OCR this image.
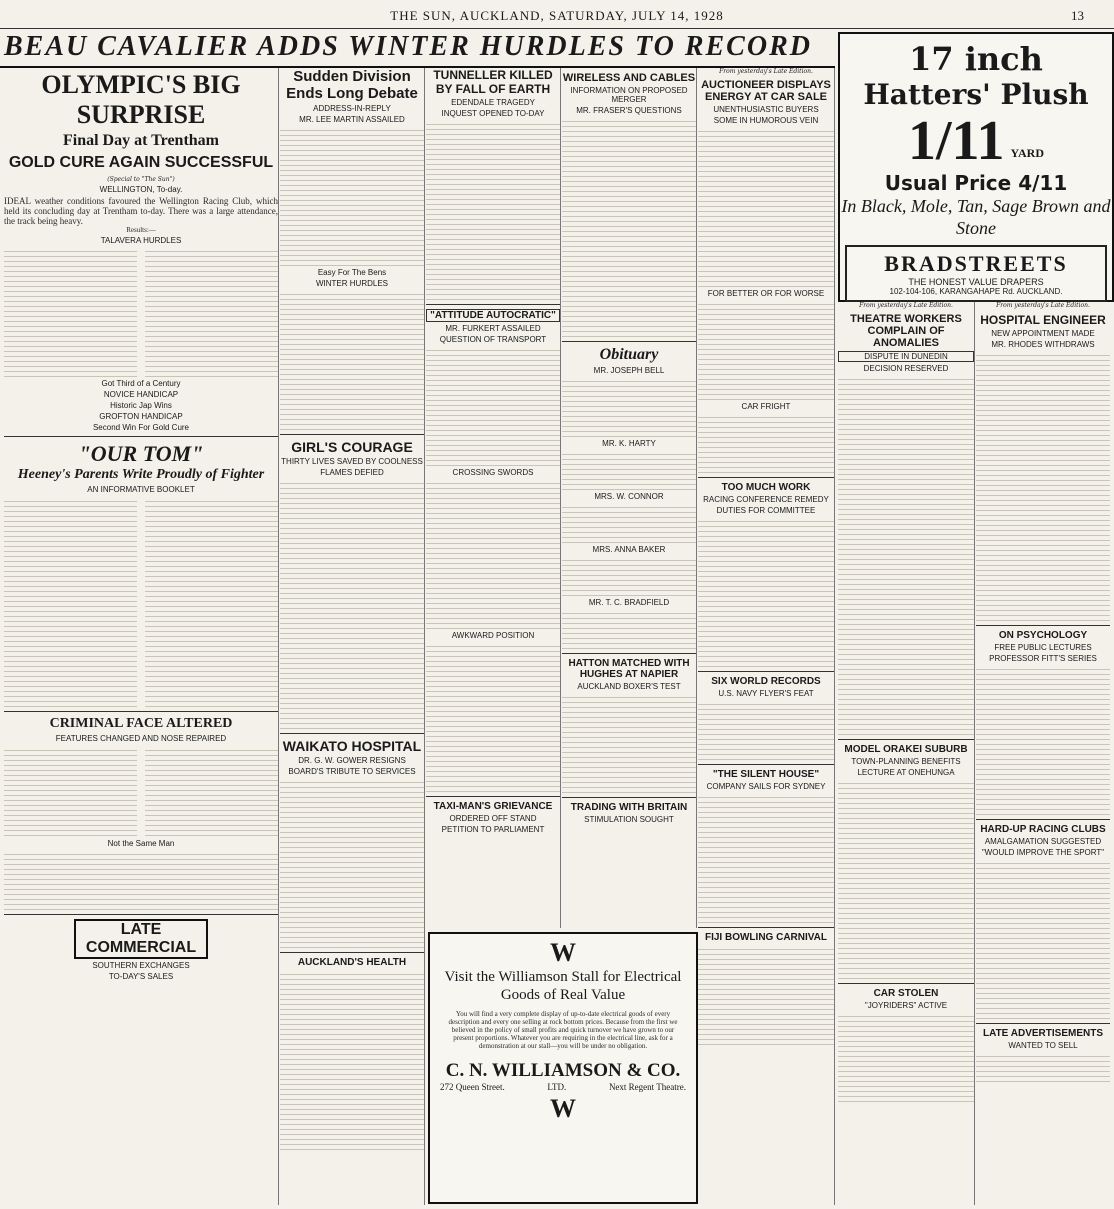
THE SUN, AUCKLAND, SATURDAY, JULY 14, 1928	13
BEAU CAVALIER ADDS WINTER HURDLES TO RECORD
OLYMPIC'S BIG SURPRISE
Final Day at Trentham
GOLD CURE AGAIN SUCCESSFUL
(Special to "The Sun")
WELLINGTON, To-day.
IDEAL weather conditions favoured the Wellington Racing Club, which held its concluding day at Trentham to-day. There was a large attendance, the track being heavy.
Results:—
TALAVERA HURDLES
Got Third of a Century
NOVICE HANDICAP
Historic Jap Wins
GROFTON HANDICAP
Second Win For Gold Cure
"OUR TOM"
Heeney's Parents Write Proudly of Fighter
AN INFORMATIVE BOOKLET
CRIMINAL FACE ALTERED
FEATURES CHANGED AND NOSE REPAIRED
Not the Same Man
LATE COMMERCIAL
SOUTHERN EXCHANGES
TO-DAY'S SALES
Sudden Division Ends Long Debate
ADDRESS-IN-REPLY
MR. LEE MARTIN ASSAILED
Easy For The Bens
WINTER HURDLES
GIRL'S COURAGE
THIRTY LIVES SAVED BY COOLNESS
FLAMES DEFIED
WAIKATO HOSPITAL
DR. G. W. GOWER RESIGNS
BOARD'S TRIBUTE TO SERVICES
AUCKLAND'S HEALTH
TUNNELLER KILLED BY FALL OF EARTH
EDENDALE TRAGEDY
INQUEST OPENED TO-DAY
"ATTITUDE AUTOCRATIC"
MR. FURKERT ASSAILED
QUESTION OF TRANSPORT
CROSSING SWORDS
AWKWARD POSITION
TAXI-MAN'S GRIEVANCE
ORDERED OFF STAND
PETITION TO PARLIAMENT
WIRELESS AND CABLES
INFORMATION ON PROPOSED MERGER
MR. FRASER'S QUESTIONS
Obituary
MR. JOSEPH BELL
MR. K. HARTY
MRS. W. CONNOR
MRS. ANNA BAKER
MR. T. C. BRADFIELD
HATTON MATCHED WITH HUGHES AT NAPIER
AUCKLAND BOXER'S TEST
TRADING WITH BRITAIN
STIMULATION SOUGHT
From yesterday's Late Edition.
AUCTIONEER DISPLAYS ENERGY AT CAR SALE
UNENTHUSIASTIC BUYERS
SOME IN HUMOROUS VEIN
FOR BETTER OR FOR WORSE
CAR FRIGHT
TOO MUCH WORK
RACING CONFERENCE REMEDY
DUTIES FOR COMMITTEE
SIX WORLD RECORDS
U.S. NAVY FLYER'S FEAT
"THE SILENT HOUSE"
COMPANY SAILS FOR SYDNEY
FIJI BOWLING CARNIVAL
W
Visit the Williamson Stall for Electrical Goods of Real Value
You will find a very complete display of up-to-date electrical goods of every description and every one selling at rock bottom prices. Because from the first we believed in the policy of small profits and quick turnover we have grown to our present proportions. Whatever you are requiring in the electrical line, ask for a demonstration at our stall—you will be under no obligation.
C. N. WILLIAMSON & CO.
272 Queen Street.	LTD.	Next Regent Theatre.
W
17 inch
Hatters' Plush
1/11 YARD
Usual Price 4/11
In Black, Mole, Tan, Sage Brown and Stone
BRADSTREETS
THE HONEST VALUE DRAPERS
102-104-106, KARANGAHAPE Rd. AUCKLAND.
From yesterday's Late Edition.
THEATRE WORKERS COMPLAIN OF ANOMALIES
DISPUTE IN DUNEDIN
DECISION RESERVED
MODEL ORAKEI SUBURB
TOWN-PLANNING BENEFITS
LECTURE AT ONEHUNGA
CAR STOLEN
"JOYRIDERS" ACTIVE
From yesterday's Late Edition.
HOSPITAL ENGINEER
NEW APPOINTMENT MADE
MR. RHODES WITHDRAWS
ON PSYCHOLOGY
FREE PUBLIC LECTURES
PROFESSOR FITT'S SERIES
HARD-UP RACING CLUBS
AMALGAMATION SUGGESTED
"WOULD IMPROVE THE SPORT"
LATE ADVERTISEMENTS
WANTED TO SELL
